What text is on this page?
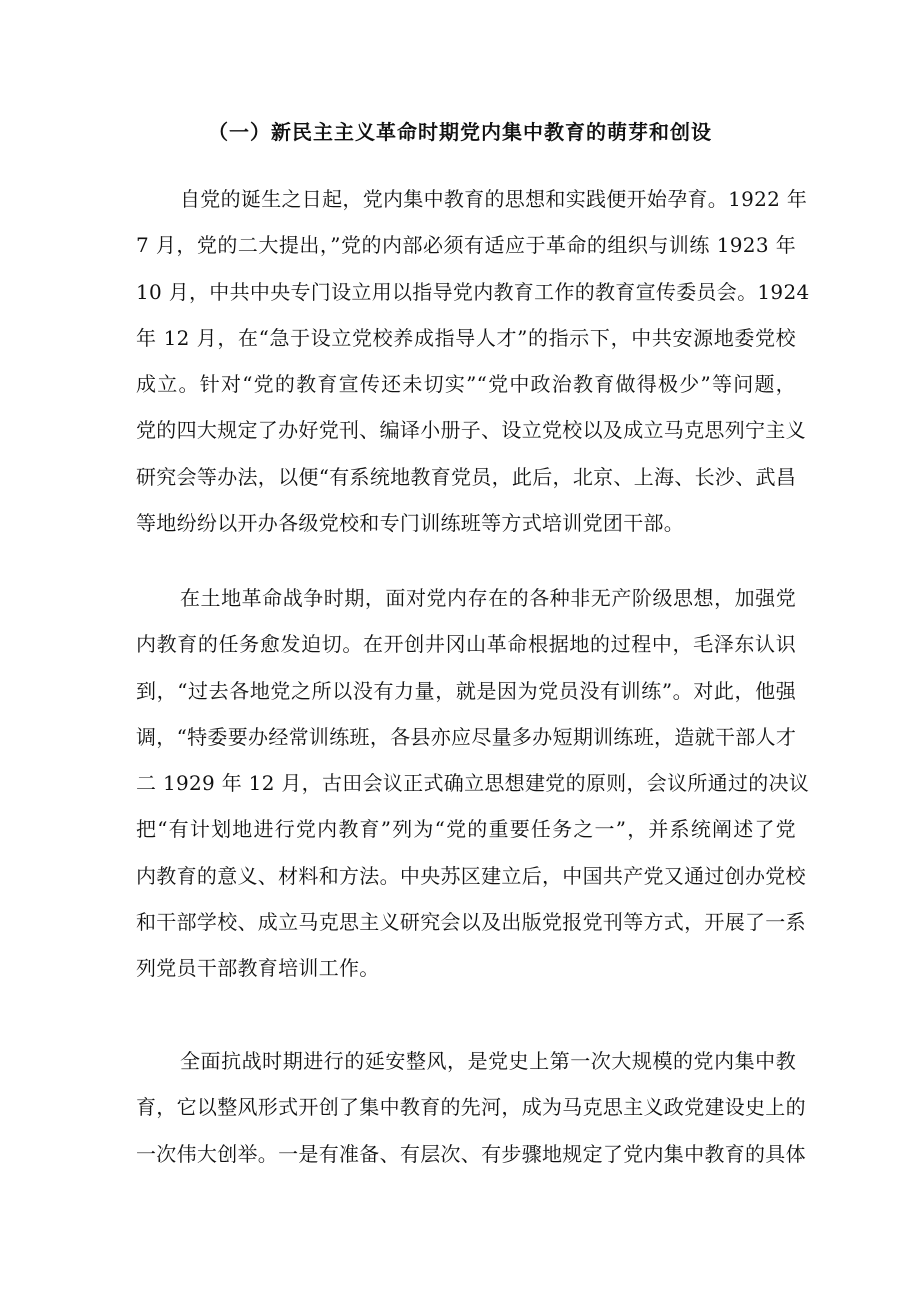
（一）新民主主义革命时期党内集中教育的萌芽和创设
自党的诞生之日起，党内集中教育的思想和实践便开始孕育。1922 年
7 月，党的二大提出，”党的内部必须有适应于革命的组织与训练 1923 年
10 月，中共中央专门设立用以指导党内教育工作的教育宣传委员会。1924
年 12 月，在“急于设立党校养成指导人才”的指示下，中共安源地委党校
成立。针对“党的教育宣传还未切实”“党中政治教育做得极少”等问题，
党的四大规定了办好党刊、编译小册子、设立党校以及成立马克思列宁主义
研究会等办法，以便“有系统地教育党员，此后，北京、上海、长沙、武昌
等地纷纷以开办各级党校和专门训练班等方式培训党团干部。
在土地革命战争时期，面对党内存在的各种非无产阶级思想，加强党
内教育的任务愈发迫切。在开创井冈山革命根据地的过程中，毛泽东认识
到，“过去各地党之所以没有力量，就是因为党员没有训练”。对此，他强
调，“特委要办经常训练班，各县亦应尽量多办短期训练班，造就干部人才
二 1929 年 12 月，古田会议正式确立思想建党的原则，会议所通过的决议
把“有计划地进行党内教育”列为“党的重要任务之一”，并系统阐述了党
内教育的意义、材料和方法。中央苏区建立后，中国共产党又通过创办党校
和干部学校、成立马克思主义研究会以及出版党报党刊等方式，开展了一系
列党员干部教育培训工作。
全面抗战时期进行的延安整风，是党史上第一次大规模的党内集中教
育，它以整风形式开创了集中教育的先河，成为马克思主义政党建设史上的
一次伟大创举。一是有准备、有层次、有步骤地规定了党内集中教育的具体
